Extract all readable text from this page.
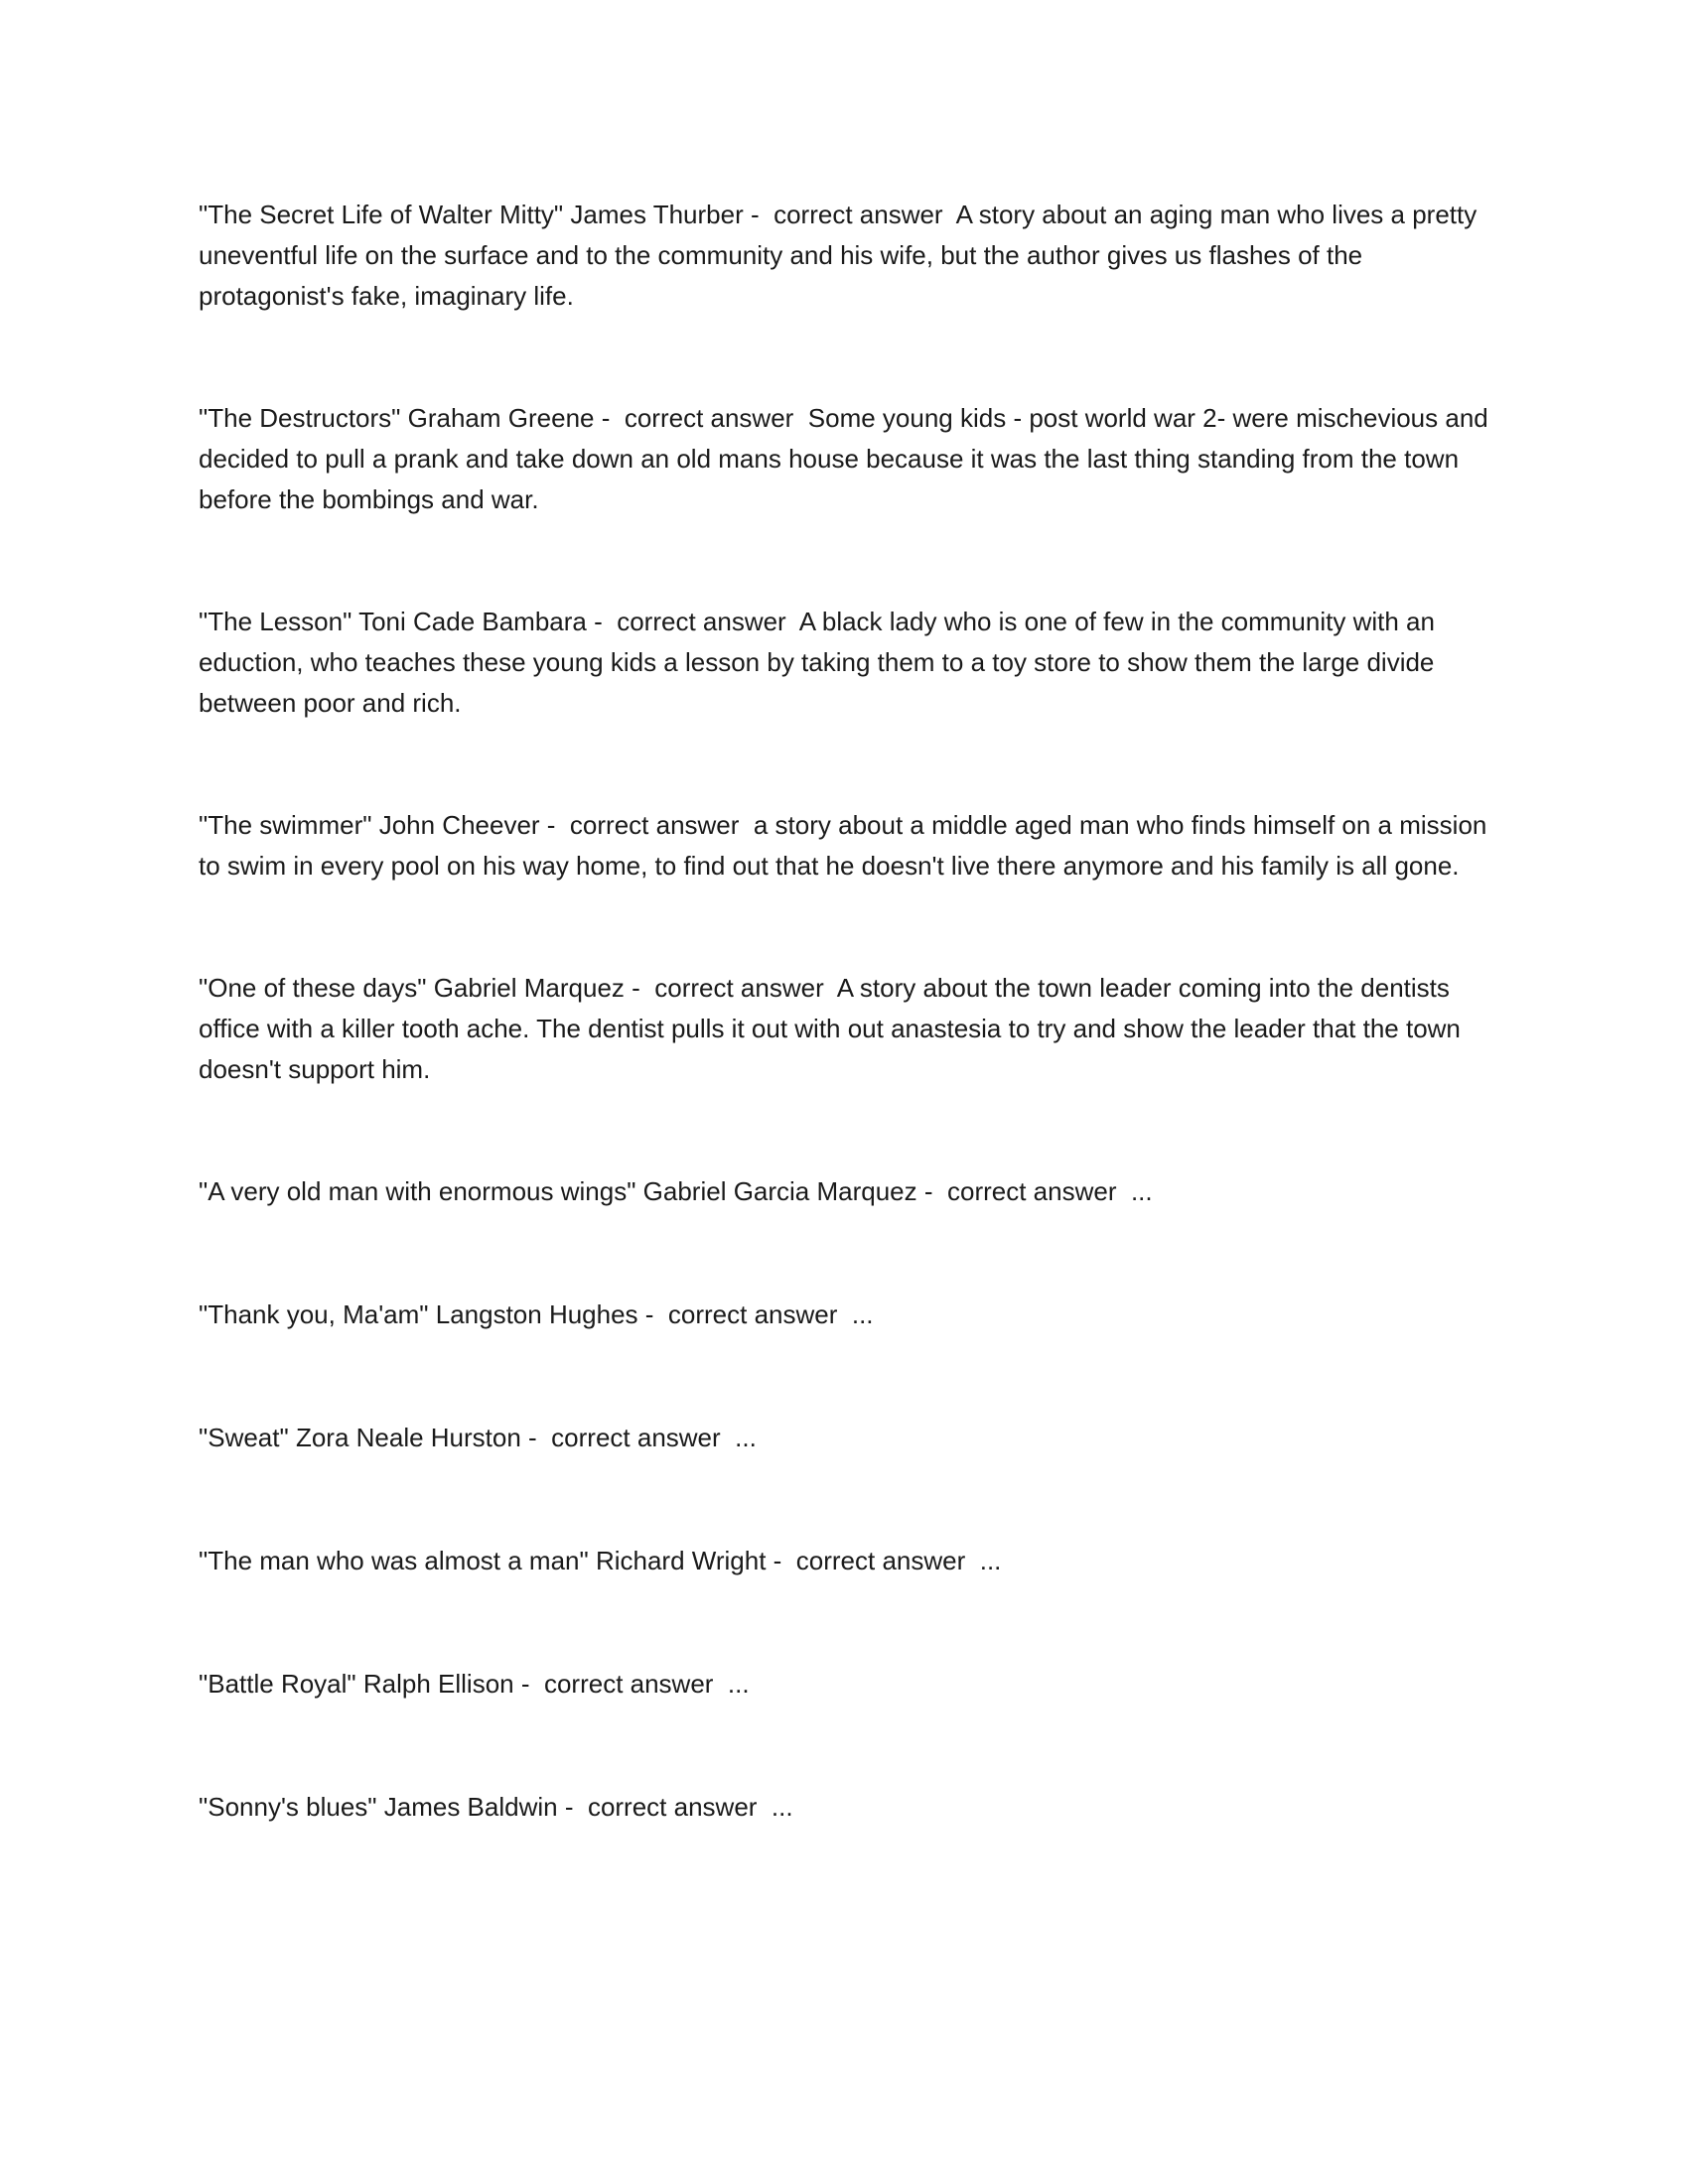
"The Secret Life of Walter Mitty" James Thurber - correct answer A story about an aging man who lives a pretty uneventful life on the surface and to the community and his wife, but the author gives us flashes of the protagonist's fake, imaginary life.

"The Destructors" Graham Greene - correct answer Some young kids - post world war 2- were mischevious and decided to pull a prank and take down an old mans house because it was the last thing standing from the town before the bombings and war.

"The Lesson" Toni Cade Bambara - correct answer A black lady who is one of few in the community with an eduction, who teaches these young kids a lesson by taking them to a toy store to show them the large divide between poor and rich.

"The swimmer" John Cheever - correct answer a story about a middle aged man who finds himself on a mission to swim in every pool on his way home, to find out that he doesn't live there anymore and his family is all gone.

"One of these days" Gabriel Marquez - correct answer A story about the town leader coming into the dentists office with a killer tooth ache. The dentist pulls it out with out anastesia to try and show the leader that the town doesn't support him.

"A very old man with enormous wings" Gabriel Garcia Marquez - correct answer ...

"Thank you, Ma'am" Langston Hughes - correct answer ...

"Sweat" Zora Neale Hurston - correct answer ...

"The man who was almost a man" Richard Wright - correct answer ...

"Battle Royal" Ralph Ellison - correct answer ...

"Sonny's blues" James Baldwin - correct answer ...
